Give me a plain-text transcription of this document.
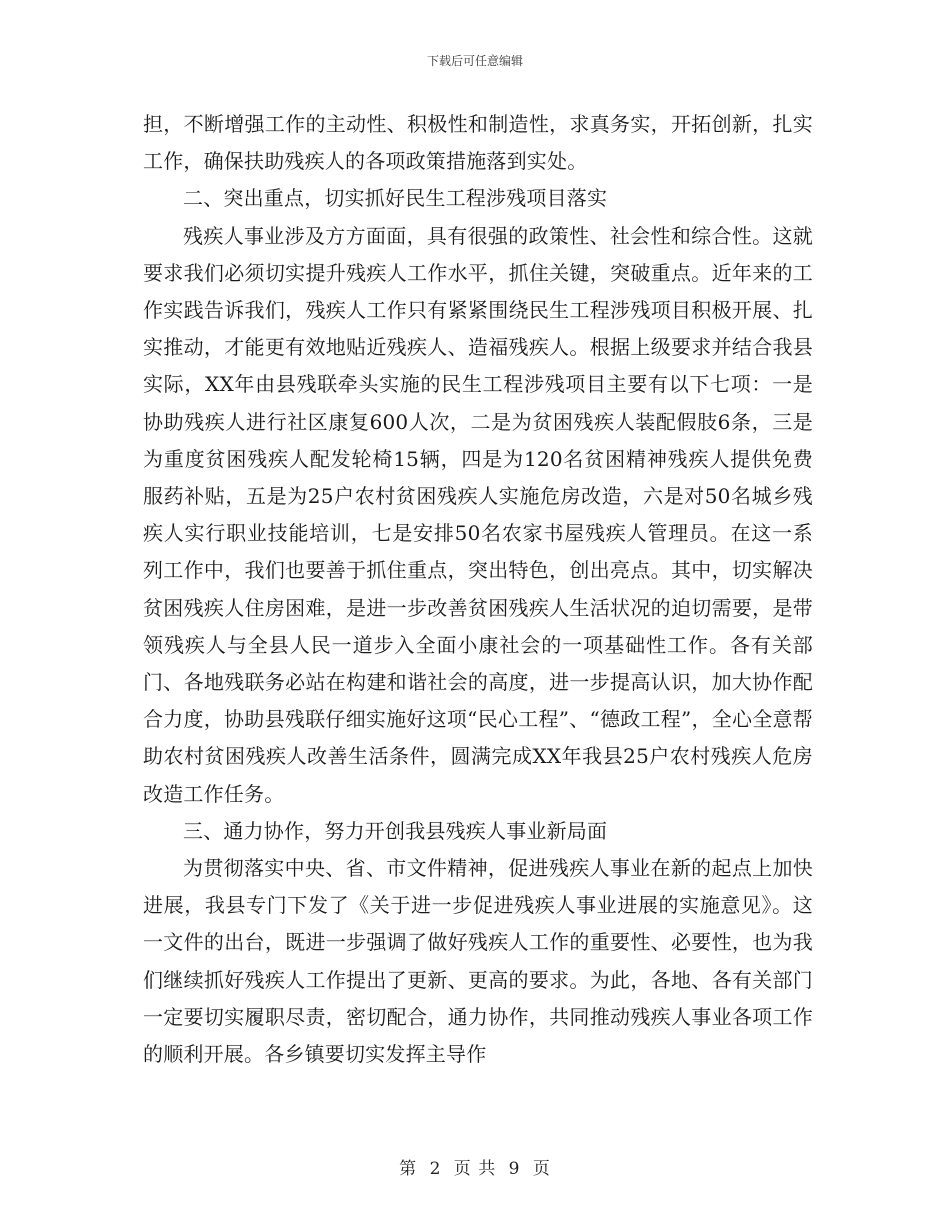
下载后可任意编辑

担，不断增强工作的主动性、积极性和制造性，求真务实，开拓创新，扎实工作，确保扶助残疾人的各项政策措施落到实处。

二、突出重点，切实抓好民生工程涉残项目落实

残疾人事业涉及方方面面，具有很强的政策性、社会性和综合性。这就要求我们必须切实提升残疾人工作水平，抓住关键，突破重点。近年来的工作实践告诉我们，残疾人工作只有紧紧围绕民生工程涉残项目积极开展、扎实推动，才能更有效地贴近残疾人、造福残疾人。根据上级要求并结合我县实际，XX年由县残联牵头实施的民生工程涉残项目主要有以下七项：一是协助残疾人进行社区康复600人次，二是为贫困残疾人装配假肢6条，三是为重度贫困残疾人配发轮椅15辆，四是为120名贫困精神残疾人提供免费服药补贴，五是为25户农村贫困残疾人实施危房改造，六是对50名城乡残疾人实行职业技能培训，七是安排50名农家书屋残疾人管理员。在这一系列工作中，我们也要善于抓住重点，突出特色，创出亮点。其中，切实解决贫困残疾人住房困难，是进一步改善贫困残疾人生活状况的迫切需要，是带领残疾人与全县人民一道步入全面小康社会的一项基础性工作。各有关部门、各地残联务必站在构建和谐社会的高度，进一步提高认识，加大协作配合力度，协助县残联仔细实施好这项“民心工程”、“德政工程”，全心全意帮助农村贫困残疾人改善生活条件，圆满完成XX年我县25户农村残疾人危房改造工作任务。

三、通力协作，努力开创我县残疾人事业新局面

为贯彻落实中央、省、市文件精神，促进残疾人事业在新的起点上加快进展，我县专门下发了《关于进一步促进残疾人事业进展的实施意见》。这一文件的出台，既进一步强调了做好残疾人工作的重要性、必要性，也为我们继续抓好残疾人工作提出了更新、更高的要求。为此，各地、各有关部门一定要切实履职尽责，密切配合，通力协作，共同推动残疾人事业各项工作的顺利开展。各乡镇要切实发挥主导作

第 2 页 共 9 页
